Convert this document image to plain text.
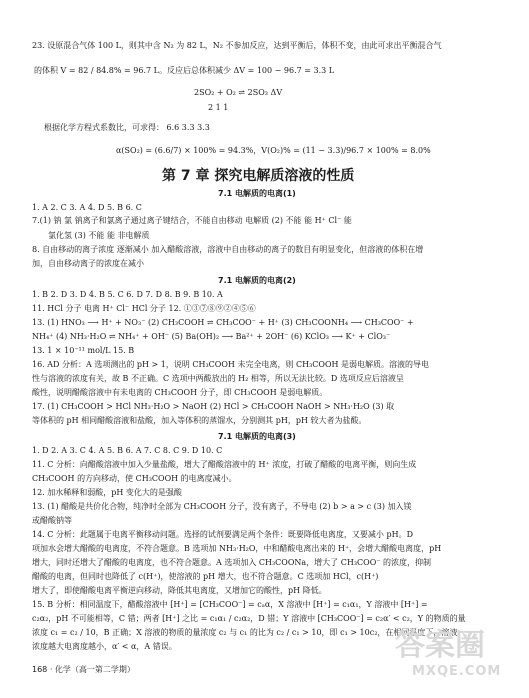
23. 设原混合气体 100 L，则其中含 N₂ 为 82 L，N₂ 不参加反应，达到平衡后，体积不变，由此可求出平衡混合气
的体积 V = 82 / 84.8% = 96.7 L。反应后总体积减少 ΔV = 100 − 96.7 = 3.3 L
2SO₂ + O₂ ⇌ 2SO₃ ΔV
2 1 1
根据化学方程式系数比，可求得： 6.6 3.3 3.3
α(SO₂) = (6.6/7) × 100% = 94.3%，V(O₂)% = (11 − 3.3)/96.7 × 100% = 8.0%
第 7 章 探究电解质溶液的性质
7.1 电解质的电离(1)
1. A 2. C 3. A 4. D 5. B 6. C
7.(1) 钠 氯 钠离子和氯离子通过离子键结合，不能自由移动 电解质 (2) 不能 能 H⁺ Cl⁻ 能
氯化氢 (3) 不能 能 非电解质
8. 自由移动的离子浓度 逐渐减小 加入醋酸溶液，溶液中自由移动的离子的数目有明显变化，但溶液的体积在增
加，自由移动离子的浓度在减小
7.1 电解质的电离(2)
1. B 2. D 3. D 4. B 5. C 6. D 7. D 8. B 9. B 10. A
11. HCl 分子 电离 H⁺ Cl⁻ HCl 分子 12. ①③⑦⑧⑨②④⑤⑥
13. (1) HNO₃ ⟶ H⁺ + NO₃⁻ (2) CH₃COOH ⇌ CH₃COO⁻ + H⁺ (3) CH₃COONH₄ ⟶ CH₃COO⁻ +
NH₄⁺ (4) NH₃·H₂O ⇌ NH₄⁺ + OH⁻ (5) Ba(OH)₂ ⟶ Ba²⁺ + 2OH⁻ (6) KClO₃ ⟶ K⁺ + ClO₃⁻
13. 1 × 10⁻¹¹ mol/L 15. B
16. AD 分析：A 选项测出的 pH > 1，说明 CH₃COOH 未完全电离，则 CH₃COOH 是弱电解质。溶液的导电
性与溶液的浓度有关，故 B 不正确。C 选项中两酸放出的 H₂ 相等，所以无法比较。D 选项反应后溶液呈
酸性，说明醋酸溶液中有未电离的 CH₃COOH 分子，即 CH₃COOH 是弱电解质。
17. (1) CH₃COOH > HCl NH₃·H₂O > NaOH (2) HCl > CH₃COOH NaOH > NH₃·H₂O (3) 取
等体积的 pH 相同醋酸溶液和盐酸，加入等体积的蒸馏水，分别测其 pH，pH 较大者为盐酸。
7.1 电解质的电离(3)
1. D 2. A 3. C 4. A 5. B 6. A 7. C 8. C 9. D 10. C
11. C 分析：向醋酸溶液中加入少量盐酸，增大了醋酸溶液中的 H⁺ 浓度，打破了醋酸的电离平衡，则向生成
CH₃COOH 的方向移动，使 CH₃COOH 的电离度减小。
12. 加水稀释和弱酸，pH 变化大的是强酸
13. (1) 醋酸是共价化合物，纯净时全部为 CH₃COOH 分子，没有离子，不导电 (2) b > a > c (3) 加入镁
或醋酸钠等
14. C 分析：此题属于电离平衡移动问题。选择的试剂要满足两个条件：既要降低电离度，又要减小 pH。D
项加水会增大醋酸的电离度，不符合题意。B 选项加 NH₃·H₂O，中和醋酸电离出来的 H⁺，会增大醋酸电离度，pH
增大，同时还增大了醋酸的电离度，也不符合题意。A 选项加入 CH₃COONa，增大了 CH₃COO⁻ 的浓度，抑制
醋酸的电离，但同时也降低了 c(H⁺)，使溶液的 pH 增大，也不符合题意。C 选项加 HCl，c(H⁺)
增大了，即使醋酸电离平衡逆向移动，降低其电离度，又增加它的酸性，pH 降低。
15. B 分析：相同温度下，醋酸溶液中 [H⁺] = [CH₃COO⁻] = cₐα，X 溶液中 [H⁺] = c₁α₁，Y 溶液中 [H⁺] =
c₂α₂，pH 不可能相等，C 错；两者 [H⁺] 之比 = c₁α₁ / c₂α₂，D 错；Y 溶液中 [CH₃COO⁻] = c₂α′ < c₂，Y 的物质的量
浓度 c₁ = c₂ / 10，B 正确；X 溶液的物质的量浓度 c₂ 与 c₁ 的比为 c₂ / c₁ > 10，即 c₁ > 10c₂，在相同温度下，溶液
浓度越大电离度越小，α′ < α，A 错误。
168 · 化学（高一第二学期）
答案圈
MXQE.COM
